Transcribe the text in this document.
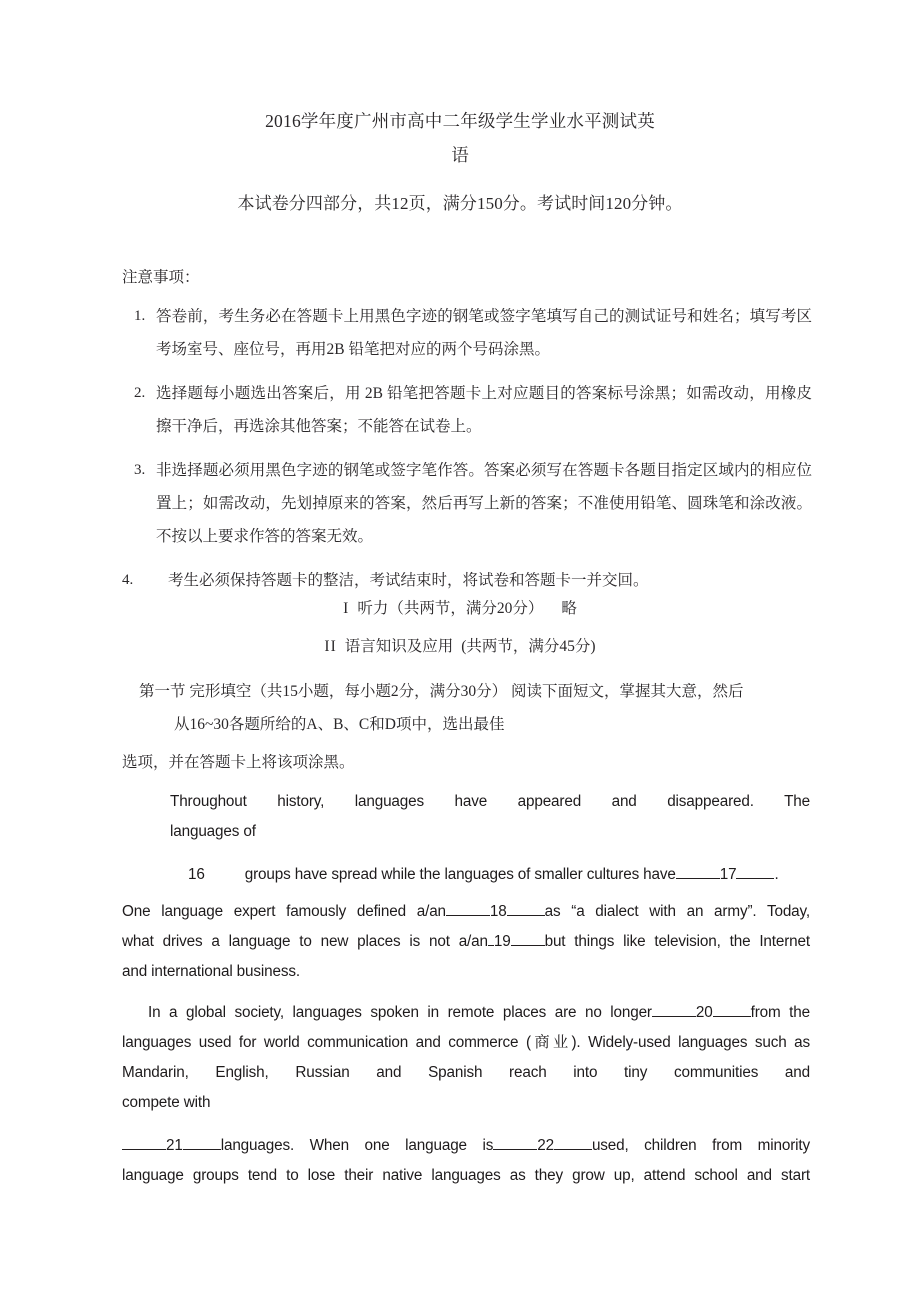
2016学年度广州市高中二年级学生学业水平测试英
语
本试卷分四部分，共12页，满分150分。考试时间120分钟。
注意事项：
1. 答卷前，考生务必在答题卡上用黑色字迹的钢笔或签字笔填写自己的测试证号和姓名；填写考区考场室号、座位号，再用2B 铅笔把对应的两个号码涂黑。
2. 选择题每小题选出答案后，用 2B 铅笔把答题卡上对应题目的答案标号涂黑；如需改动，用橡皮擦干净后，再选涂其他答案；不能答在试卷上。
3. 非选择题必须用黑色字迹的钢笔或签字笔作答。答案必须写在答题卡各题目指定区域内的相应位置上；如需改动，先划掉原来的答案，然后再写上新的答案；不准使用铅笔、圆珠笔和涂改液。不按以上要求作答的答案无效。
4.	考生必须保持答题卡的整洁，考试结束时，将试卷和答题卡一并交回。
I 听力（共两节，满分20分） 略
II 语言知识及应用 (共两节，满分45分)
第一节 完形填空（共15小题，每小题2分，满分30分） 阅读下面短文，掌握其大意，然后
从16~30各题所给的A、B、C和D项中，选出最佳
选项，并在答题卡上将该项涂黑。
Throughout history, languages have appeared and disappeared. The
languages of
16	groups have spread while the languages of smaller cultures have	17 .
One language expert famously defined a/an	18 as “a dialect with an army”. Today,
what drives a language to new places is not a/an 19 but things like television, the Internet
and international business.
In a global society, languages spoken in remote places are no longer	20 from the
languages used for world communication and commerce (商业). Widely-used languages such as
Mandarin, English, Russian and Spanish reach into tiny communities and
compete with
21 languages. When one language is	22 used, children from minority
language groups tend to lose their native languages as they grow up, attend school and start
